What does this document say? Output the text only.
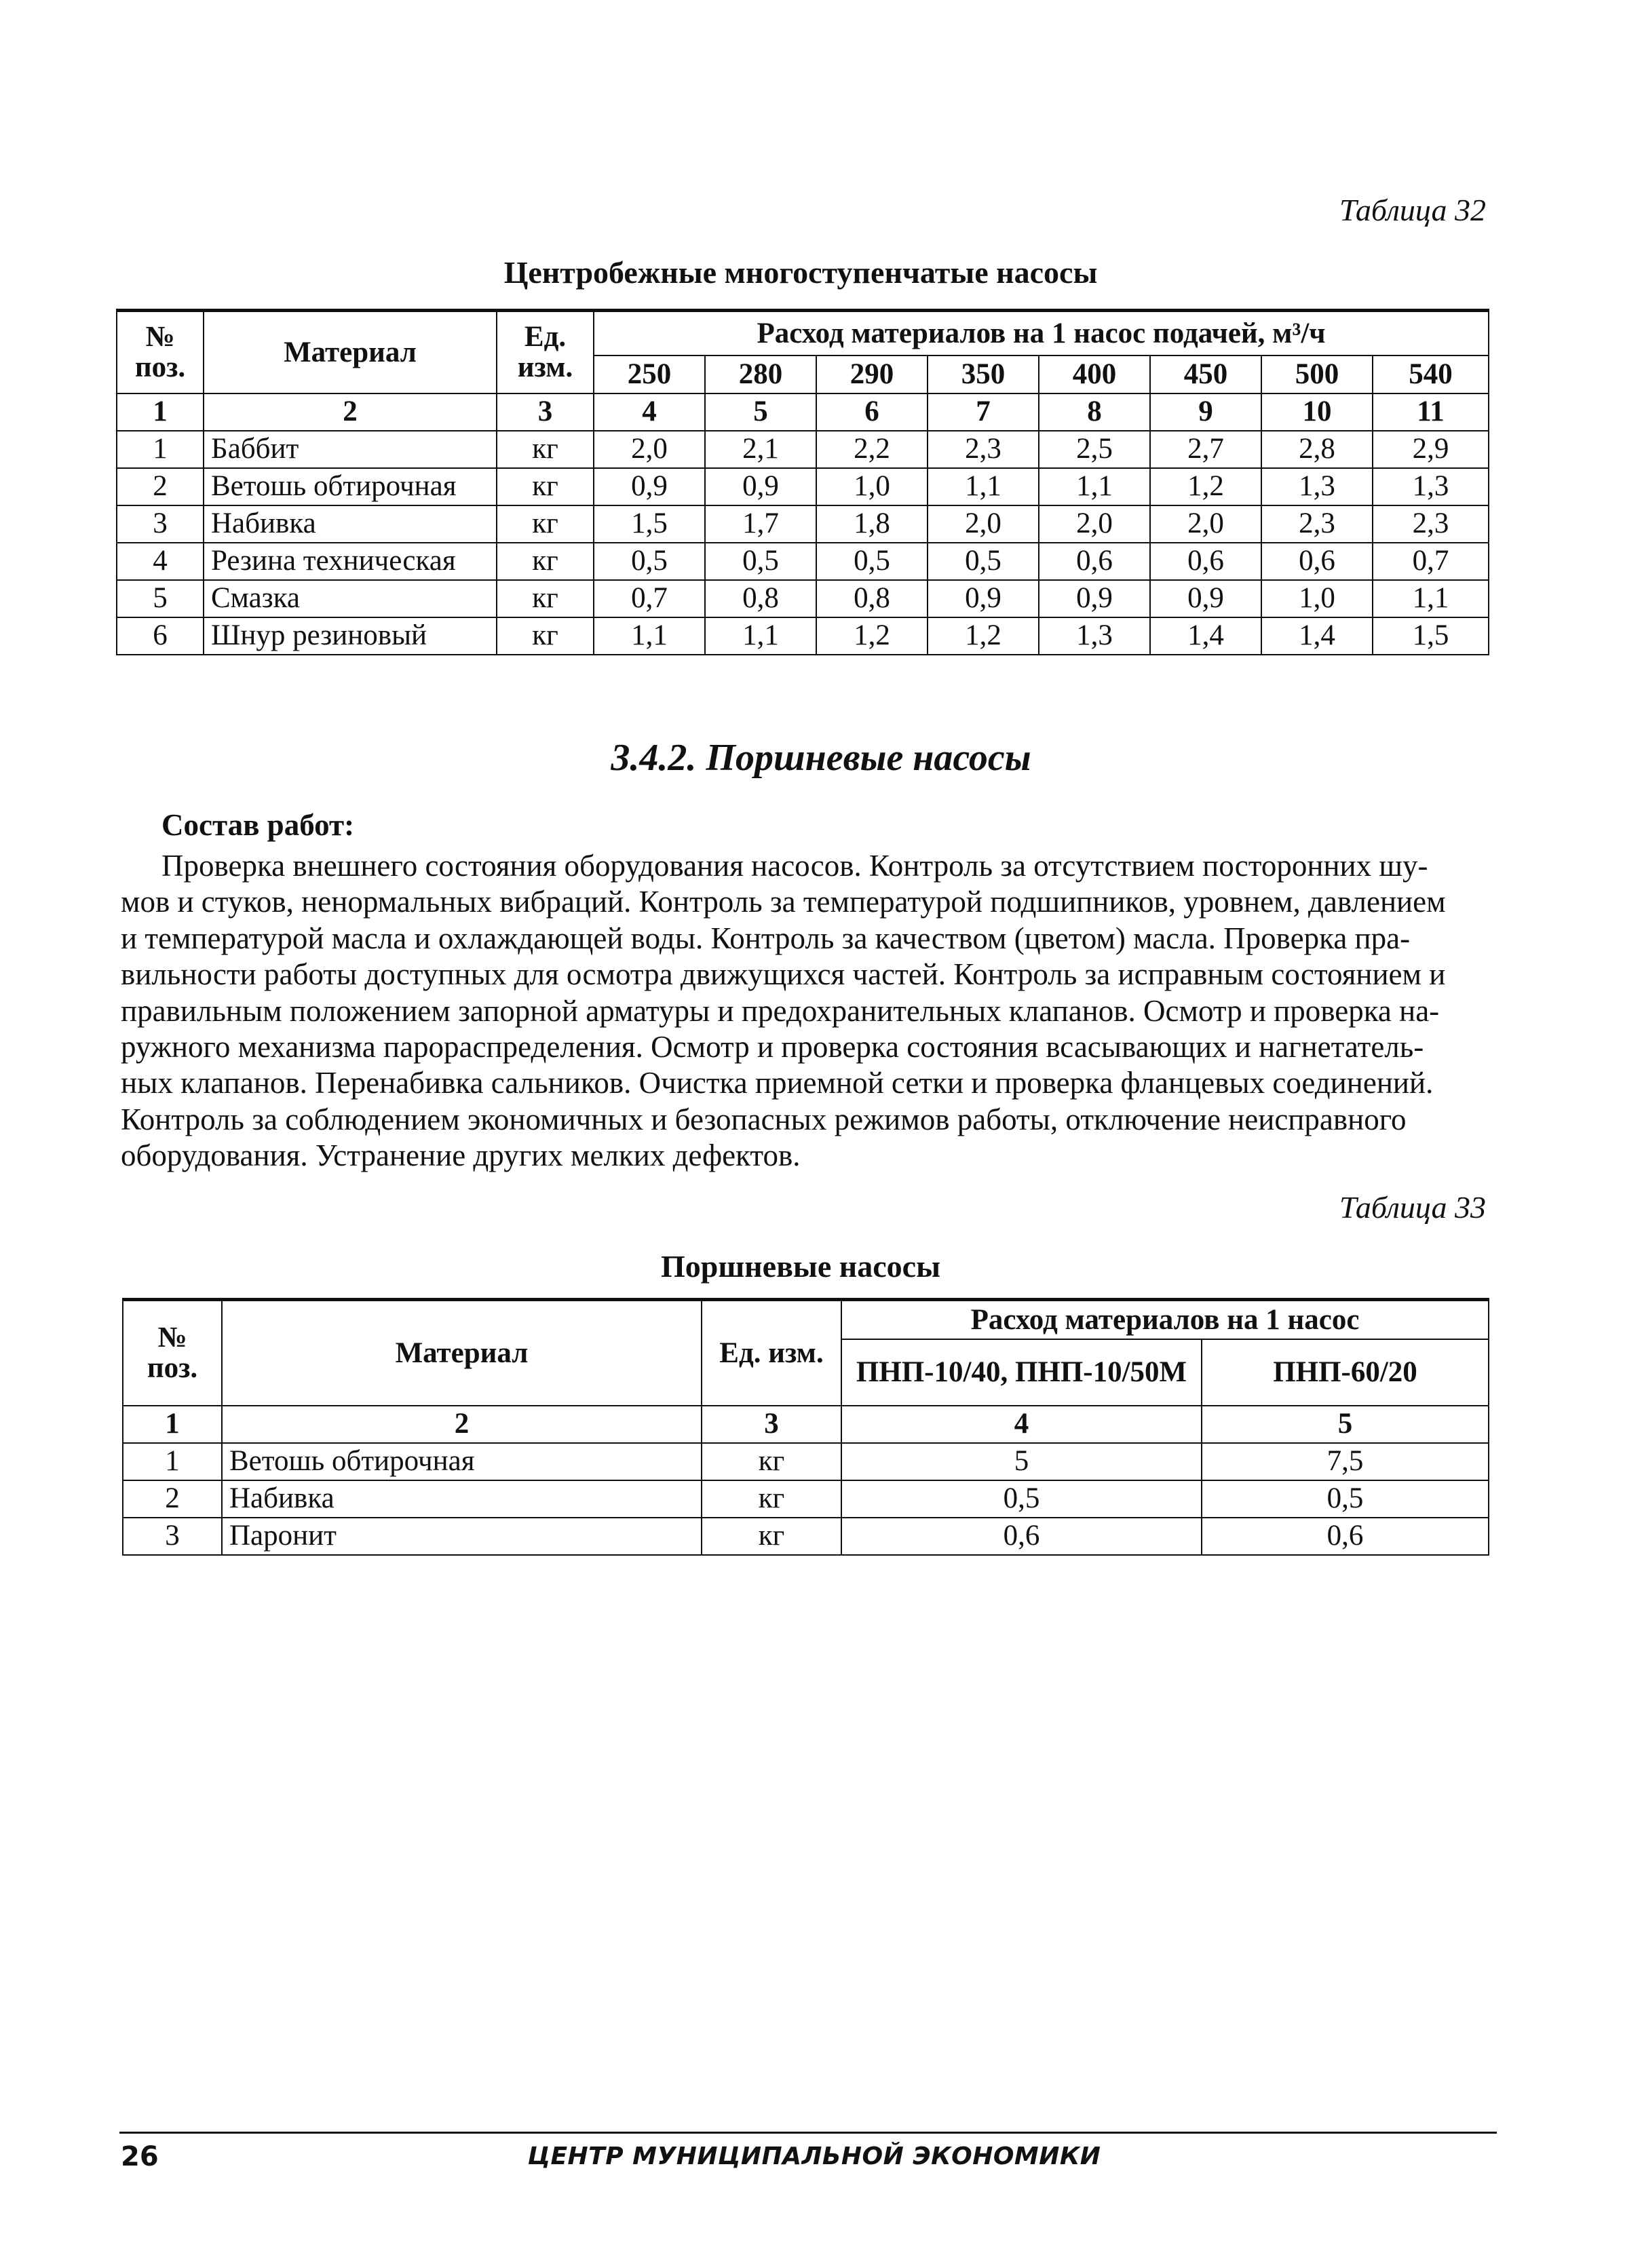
Таблица 32
Центробежные многоступенчатые насосы
№ поз.	Материал	Ед. изм.	Расход материалов на 1 насос подачей, м³/ч							
			250	280	290	350	400	450	500	540
1	2	3	4	5	6	7	8	9	10	11
1	Баббит	кг	2,0	2,1	2,2	2,3	2,5	2,7	2,8	2,9
2	Ветошь обтирочная	кг	0,9	0,9	1,0	1,1	1,1	1,2	1,3	1,3
3	Набивка	кг	1,5	1,7	1,8	2,0	2,0	2,0	2,3	2,3
4	Резина техническая	кг	0,5	0,5	0,5	0,5	0,6	0,6	0,6	0,7
5	Смазка	кг	0,7	0,8	0,8	0,9	0,9	0,9	1,0	1,1
6	Шнур резиновый	кг	1,1	1,1	1,2	1,2	1,3	1,4	1,4	1,5
3.4.2. Поршневые насосы
Состав работ:
Проверка внешнего состояния оборудования насосов. Контроль за отсутствием посторонних шу-
мов и стуков, ненормальных вибраций. Контроль за температурой подшипников, уровнем, давлением
и температурой масла и охлаждающей воды. Контроль за качеством (цветом) масла. Проверка пра-
вильности работы доступных для осмотра движущихся частей. Контроль за исправным состоянием и
правильным положением запорной арматуры и предохранительных клапанов. Осмотр и проверка на-
ружного механизма парораспределения. Осмотр и проверка состояния всасывающих и нагнетатель-
ных клапанов. Перенабивка сальников. Очистка приемной сетки и проверка фланцевых соединений.
Контроль за соблюдением экономичных и безопасных режимов работы, отключение неисправного
оборудования. Устранение других мелких дефектов.
Таблица 33
Поршневые насосы
№ поз.	Материал	Ед. изм.	Расход материалов на 1 насос	
			ПНП-10/40, ПНП-10/50М	ПНП-60/20
1	2	3	4	5
1	Ветошь обтирочная	кг	5	7,5
2	Набивка	кг	0,5	0,5
3	Паронит	кг	0,6	0,6
26	ЦЕНТР МУНИЦИПАЛЬНОЙ ЭКОНОМИКИ
